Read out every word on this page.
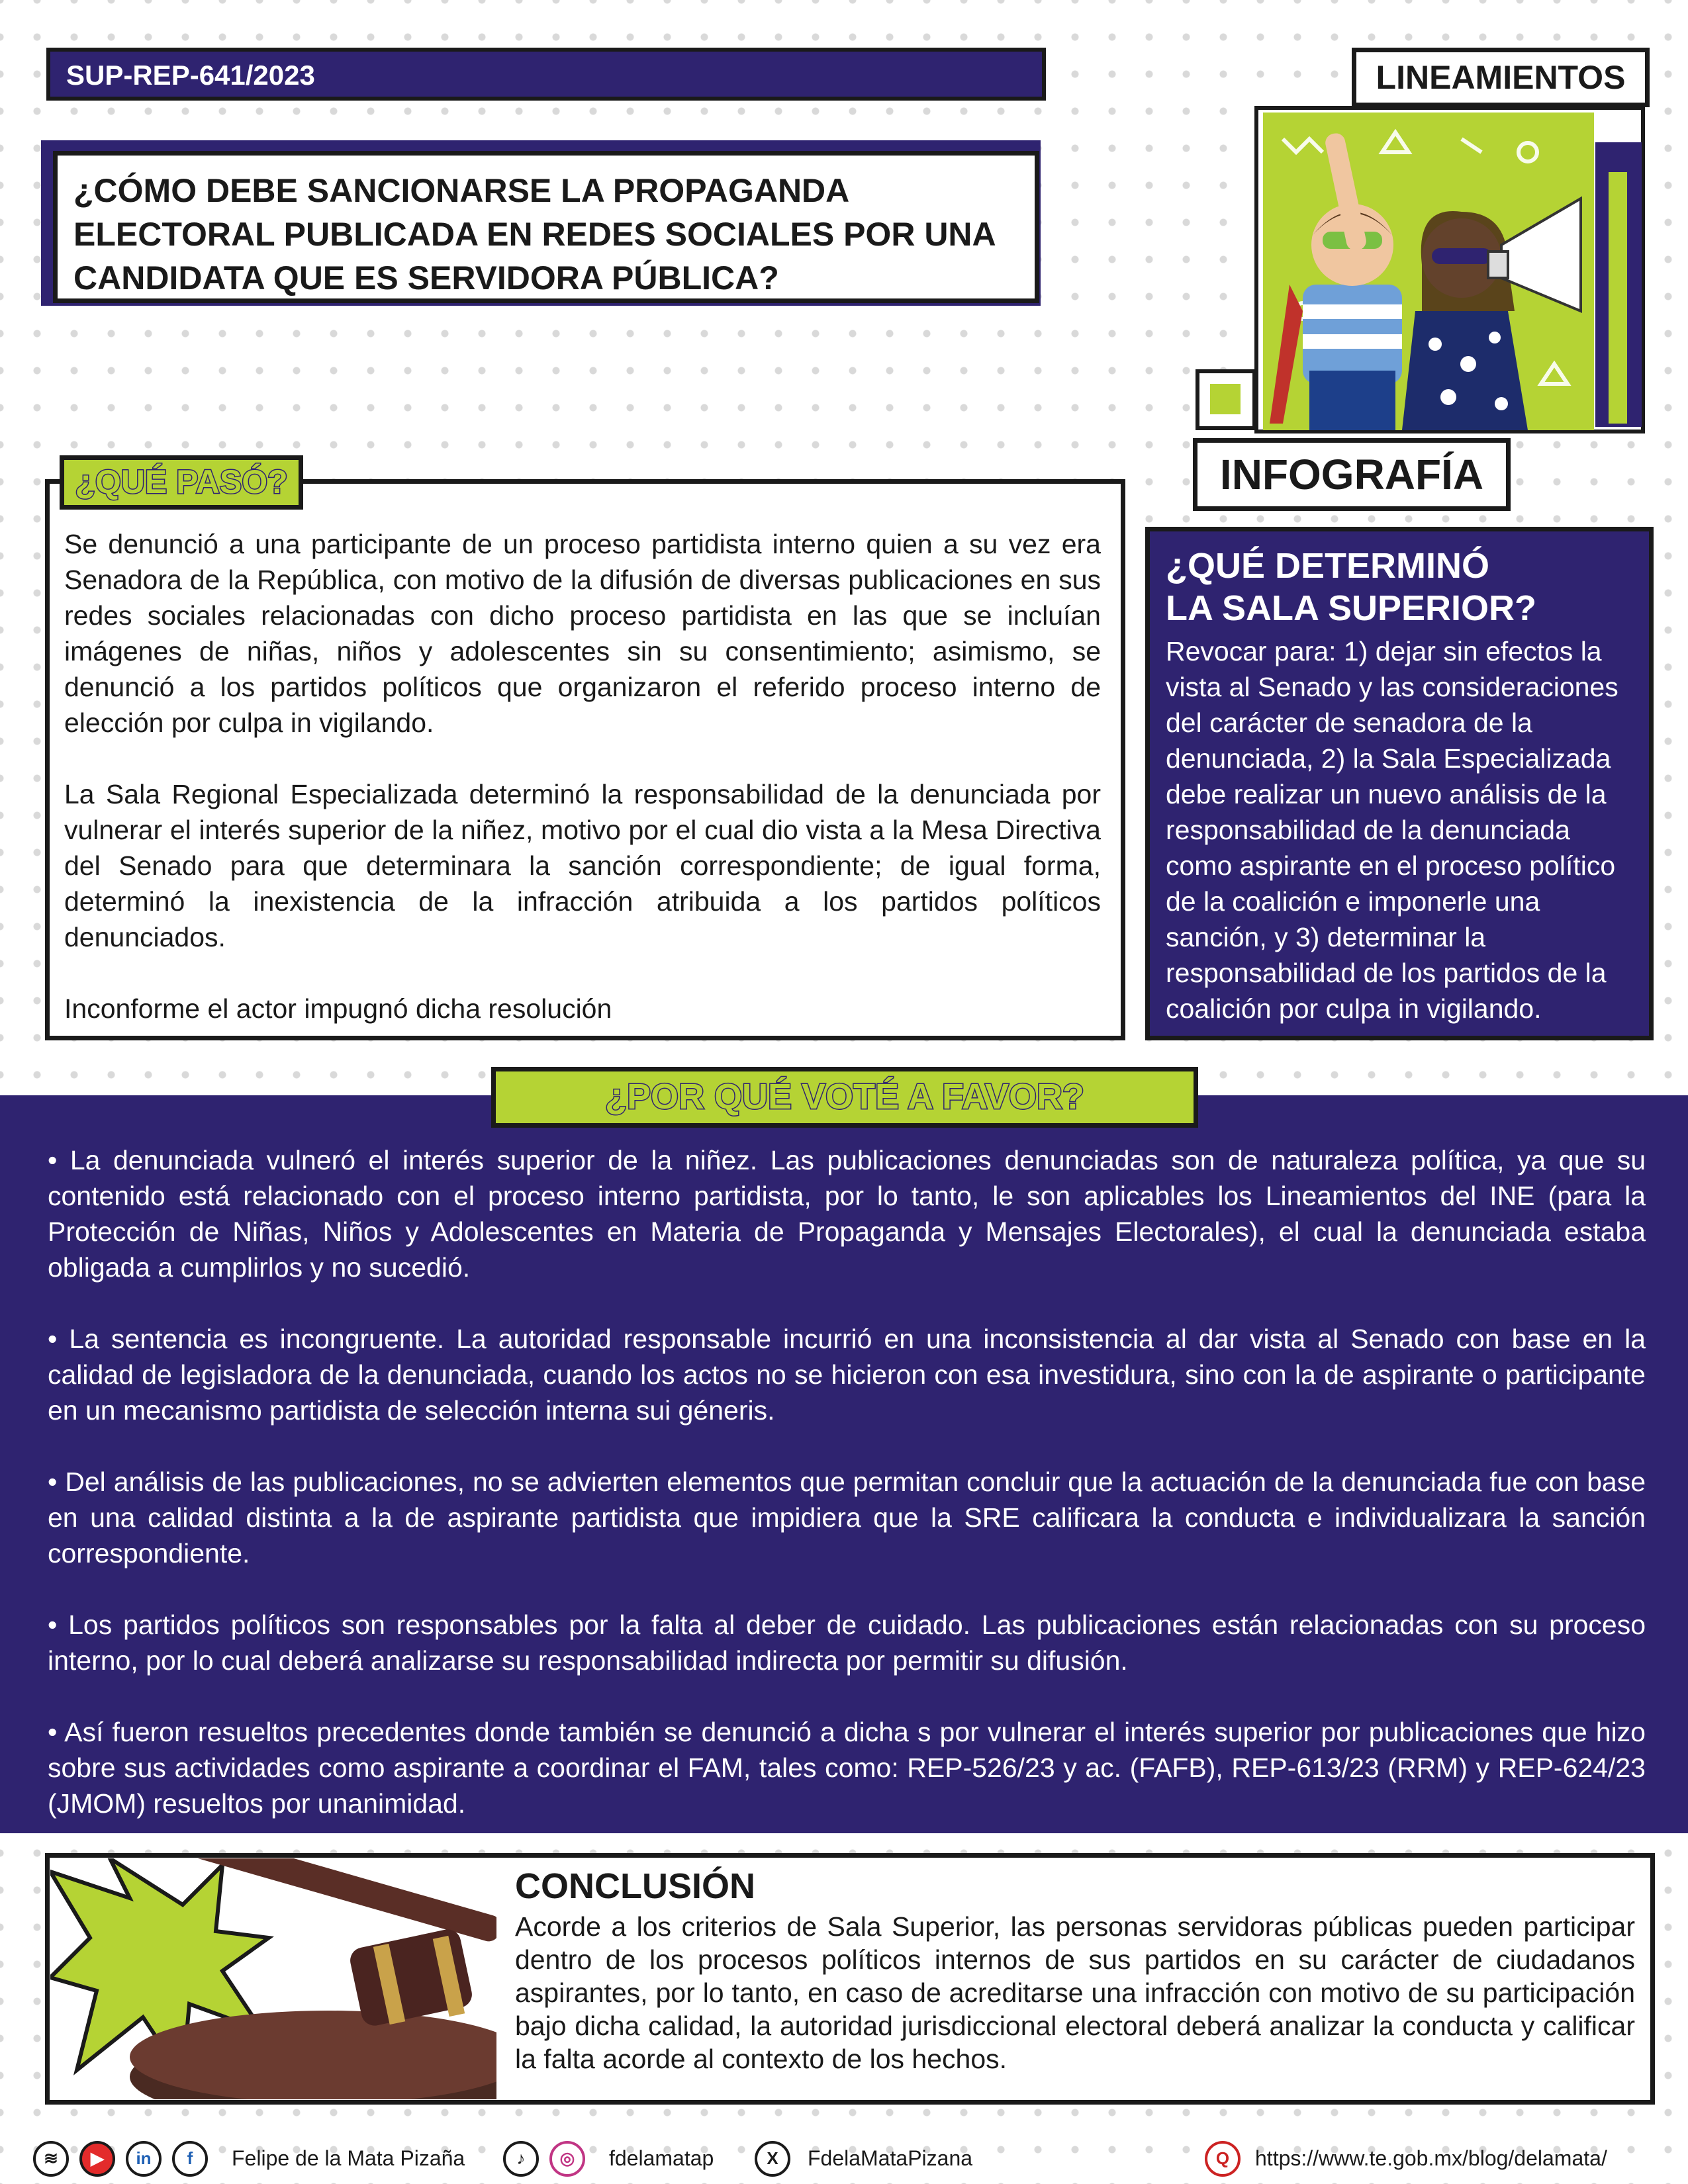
SUP-REP-641/2023
¿CÓMO DEBE SANCIONARSE LA PROPAGANDA ELECTORAL PUBLICADA EN REDES SOCIALES POR UNA CANDIDATA QUE ES SERVIDORA PÚBLICA?
LINEAMIENTOS
INFOGRAFÍA
¿QUÉ PASÓ?

Se denunció a una participante de un proceso partidista interno quien a su vez era Senadora de la República, con motivo de la difusión de diversas publicaciones en sus redes sociales relacionadas con dicho proceso partidista en las que se incluían imágenes de niñas, niños y adolescentes sin su consentimiento; asimismo, se denunció a los partidos políticos que organizaron el referido proceso interno de elección por culpa in vigilando.

La Sala Regional Especializada determinó la responsabilidad de la denunciada por vulnerar el interés superior de la niñez, motivo por el cual dio vista a la Mesa Directiva del Senado para que determinara la sanción correspondiente; de igual forma, determinó la inexistencia de la infracción atribuida a los partidos políticos denunciados.

Inconforme el actor impugnó dicha resolución

¿QUÉ DETERMINÓ
LA SALA SUPERIOR?

Revocar para: 1) dejar sin efectos la vista al Senado y las consideraciones del carácter de senadora de la denunciada, 2) la Sala Especializada debe realizar un nuevo análisis de la responsabilidad de la denunciada como aspirante en el proceso político de la coalición e imponerle una sanción, y 3) determinar la responsabilidad de los partidos de la coalición por culpa in vigilando.

¿POR QUÉ VOTÉ A FAVOR?

• La denunciada vulneró el interés superior de la niñez. Las publicaciones denunciadas son de naturaleza política, ya que su contenido está relacionado con el proceso interno partidista, por lo tanto, le son aplicables los Lineamientos del INE (para la Protección de Niñas, Niños y Adolescentes en Materia de Propaganda y Mensajes Electorales), el cual la denunciada estaba obligada a cumplirlos y no sucedió.

• La sentencia es incongruente. La autoridad responsable incurrió en una inconsistencia al dar vista al Senado con base en la calidad de legisladora de la denunciada, cuando los actos no se hicieron con esa investidura, sino con la de aspirante o participante en un mecanismo partidista de selección interna sui géneris.

• Del análisis de las publicaciones, no se advierten elementos que permitan concluir que la actuación de la denunciada fue con base en una calidad distinta a la de aspirante partidista que impidiera que la SRE calificara la conducta e individualizara la sanción correspondiente.

• Los partidos políticos son responsables por la falta al deber de cuidado. Las publicaciones están relacionadas con su proceso interno, por lo cual deberá analizarse su responsabilidad indirecta por permitir su difusión.

• Así fueron resueltos precedentes donde también se denunció a dicha s por vulnerar el interés superior por publicaciones que hizo sobre sus actividades como aspirante a coordinar el FAM, tales como: REP-526/23 y ac. (FAFB), REP-613/23 (RRM) y REP-624/23 (JMOM) resueltos por unanimidad.

CONCLUSIÓN
Acorde a los criterios de Sala Superior, las personas servidoras públicas pueden participar dentro de los procesos políticos internos de sus partidos en su carácter de ciudadanos aspirantes, por lo tanto, en caso de acreditarse una infracción con motivo de su participación bajo dicha calidad, la autoridad jurisdiccional electoral deberá analizar la conducta y calificar la falta acorde al contexto de los hechos.
≋	▶	in	f	Felipe de la Mata Pizaña	♪	◎	fdelamatap	X	FdelaMataPizana	Q	https://www.te.gob.mx/blog/delamata/
